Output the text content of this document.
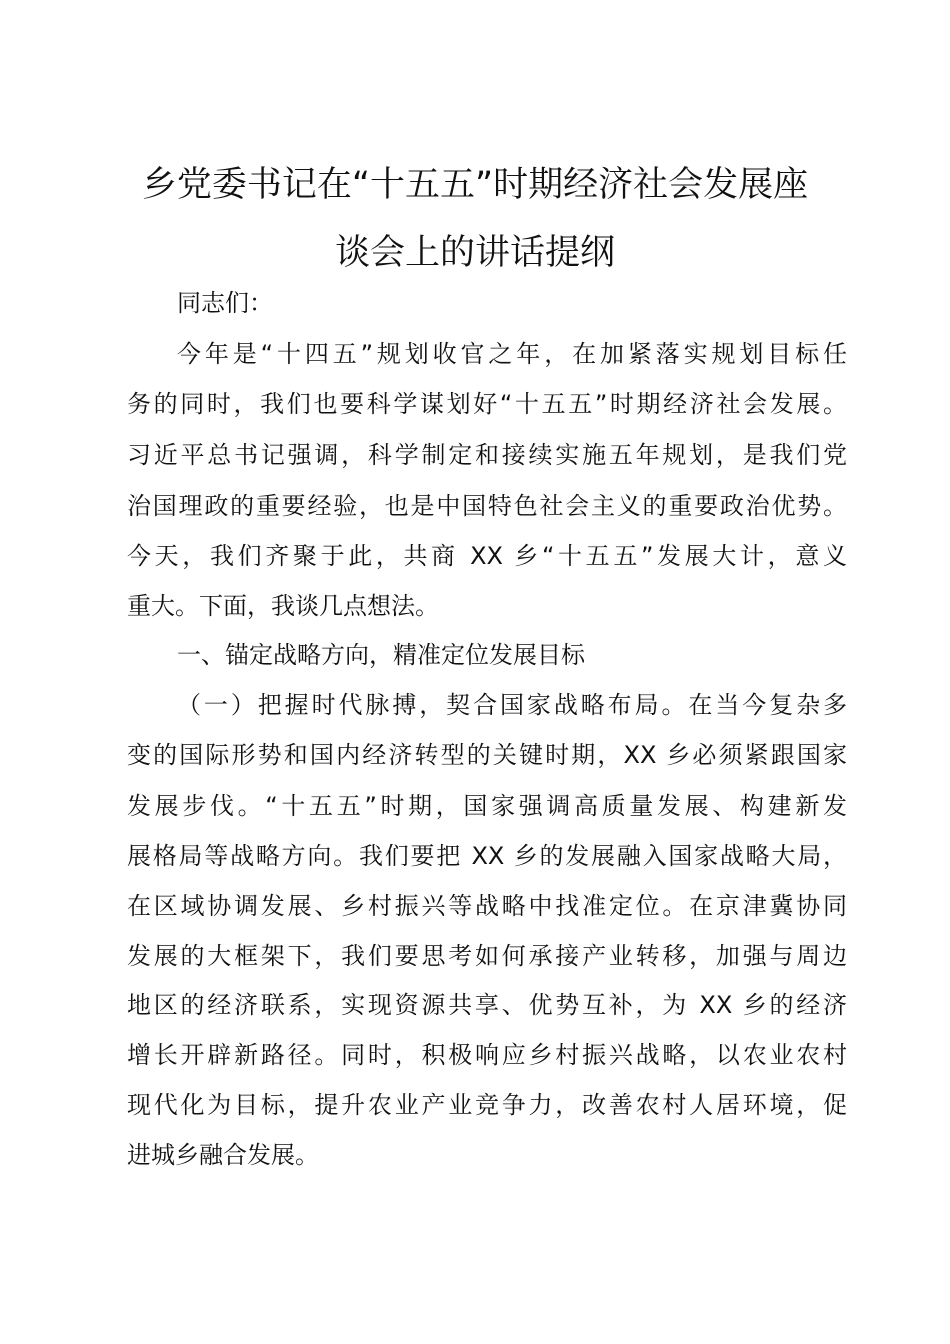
乡党委书记在“十五五”时期经济社会发展座
谈会上的讲话提纲
同志们：
今年是“十四五”规划收官之年，在加紧落实规划目标任
务的同时，我们也要科学谋划好“十五五”时期经济社会发展。
习近平总书记强调，科学制定和接续实施五年规划，是我们党
治国理政的重要经验，也是中国特色社会主义的重要政治优势。
今天，我们齐聚于此，共商 XX 乡“十五五”发展大计，意义
重大。下面，我谈几点想法。
一、锚定战略方向，精准定位发展目标
（一）把握时代脉搏，契合国家战略布局。在当今复杂多
变的国际形势和国内经济转型的关键时期，XX 乡必须紧跟国家
发展步伐。“十五五”时期，国家强调高质量发展、构建新发
展格局等战略方向。我们要把 XX 乡的发展融入国家战略大局，
在区域协调发展、乡村振兴等战略中找准定位。在京津冀协同
发展的大框架下，我们要思考如何承接产业转移，加强与周边
地区的经济联系，实现资源共享、优势互补，为 XX 乡的经济
增长开辟新路径。同时，积极响应乡村振兴战略，以农业农村
现代化为目标，提升农业产业竞争力，改善农村人居环境，促
进城乡融合发展。
